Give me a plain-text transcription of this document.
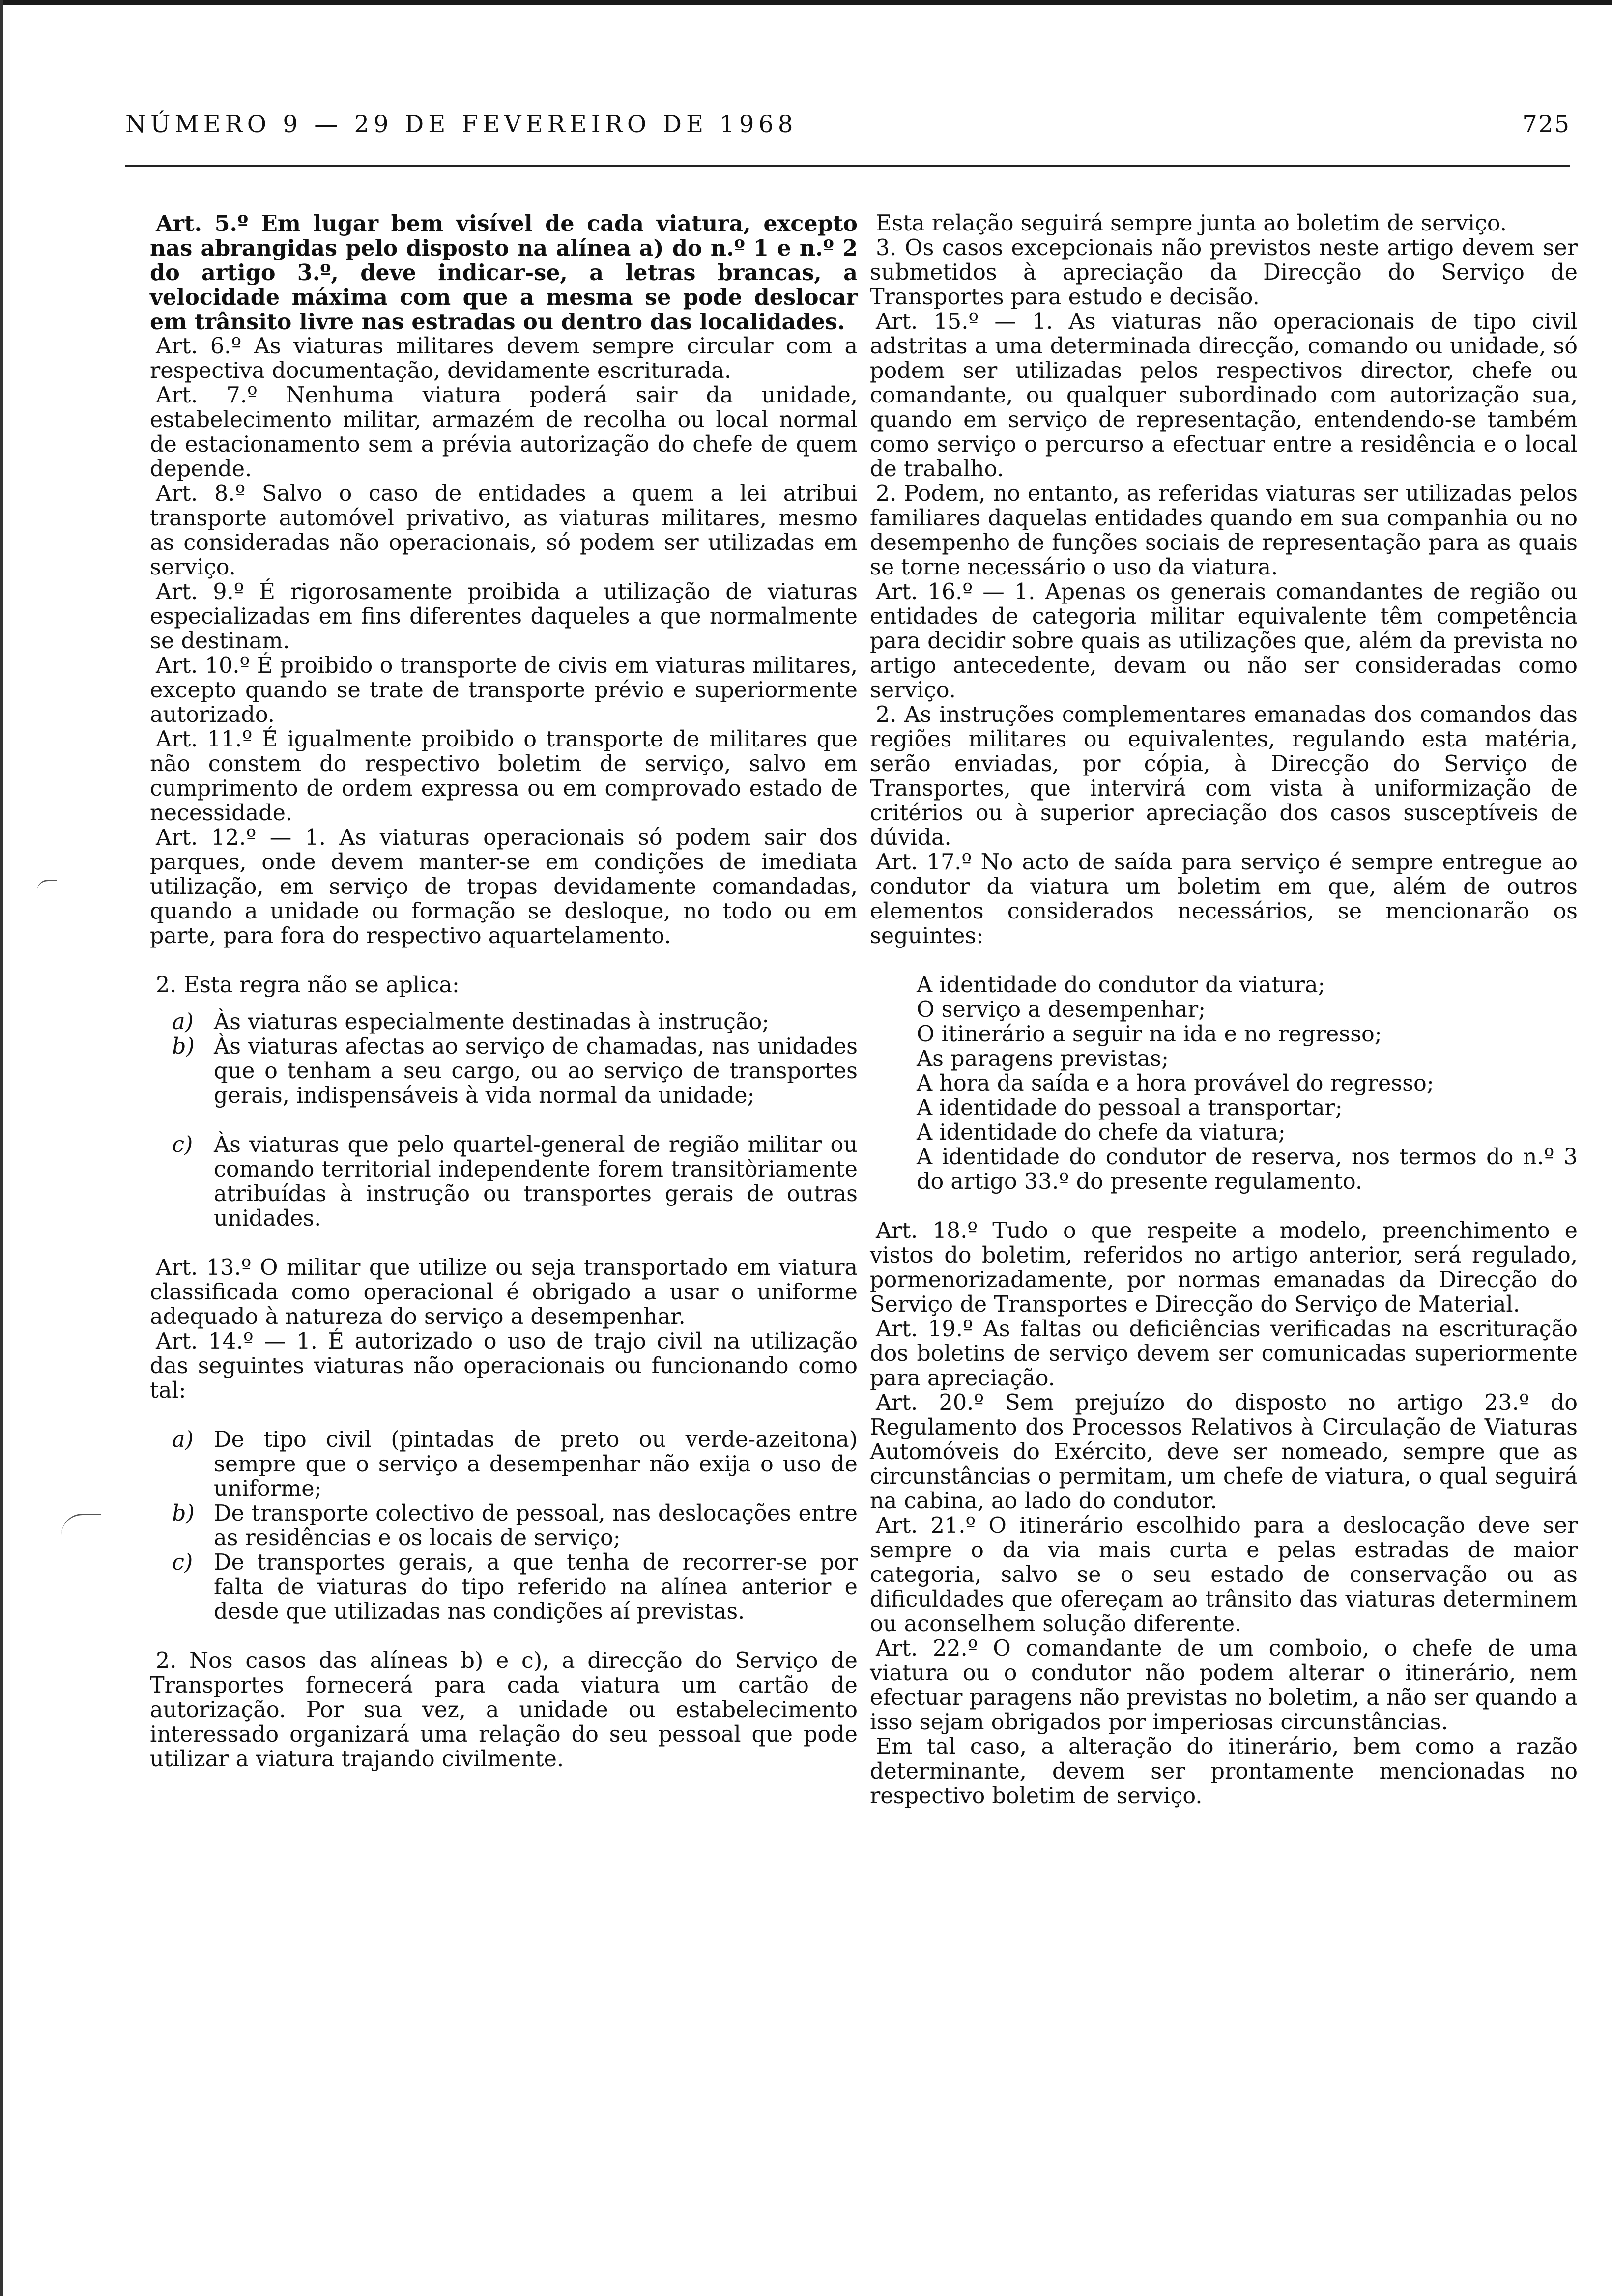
NÚMERO 9 — 29 DE FEVEREIRO DE 1968	725

Art. 5.º Em lugar bem visível de cada viatura, excepto nas abrangidas pelo disposto na alínea a) do n.º 1 e n.º 2 do artigo 3.º, deve indicar-se, a letras brancas, a velocidade máxima com que a mesma se pode deslocar em trânsito livre nas estradas ou dentro das localidades.

Art. 6.º As viaturas militares devem sempre circular com a respectiva documentação, devidamente escriturada.

Art. 7.º Nenhuma viatura poderá sair da unidade, estabelecimento militar, armazém de recolha ou local normal de estacionamento sem a prévia autorização do chefe de quem depende.

Art. 8.º Salvo o caso de entidades a quem a lei atribui transporte automóvel privativo, as viaturas militares, mesmo as consideradas não operacionais, só podem ser utilizadas em serviço.

Art. 9.º É rigorosamente proibida a utilização de viaturas especializadas em fins diferentes daqueles a que normalmente se destinam.

Art. 10.º É proibido o transporte de civis em viaturas militares, excepto quando se trate de transporte prévio e superiormente autorizado.

Art. 11.º É igualmente proibido o transporte de militares que não constem do respectivo boletim de serviço, salvo em cumprimento de ordem expressa ou em comprovado estado de necessidade.

Art. 12.º — 1. As viaturas operacionais só podem sair dos parques, onde devem manter-se em condições de imediata utilização, em serviço de tropas devidamente comandadas, quando a unidade ou formação se desloque, no todo ou em parte, para fora do respectivo aquartelamento.

2. Esta regra não se aplica:

a) Às viaturas especialmente destinadas à instrução;

b) Às viaturas afectas ao serviço de chamadas, nas unidades que o tenham a seu cargo, ou ao serviço de transportes gerais, indispensáveis à vida normal da unidade;

c) Às viaturas que pelo quartel-general de região militar ou comando territorial independente forem transitòriamente atribuídas à instrução ou transportes gerais de outras unidades.

Art. 13.º O militar que utilize ou seja transportado em viatura classificada como operacional é obrigado a usar o uniforme adequado à natureza do serviço a desempenhar.

Art. 14.º — 1. É autorizado o uso de trajo civil na utilização das seguintes viaturas não operacionais ou funcionando como tal:

a) De tipo civil (pintadas de preto ou verde-azeitona) sempre que o serviço a desempenhar não exija o uso de uniforme;

b) De transporte colectivo de pessoal, nas deslocações entre as residências e os locais de serviço;

c) De transportes gerais, a que tenha de recorrer-se por falta de viaturas do tipo referido na alínea anterior e desde que utilizadas nas condições aí previstas.

2. Nos casos das alíneas b) e c), a direcção do Serviço de Transportes fornecerá para cada viatura um cartão de autorização. Por sua vez, a unidade ou estabelecimento interessado organizará uma relação do seu pessoal que pode utilizar a viatura trajando civilmente.

Esta relação seguirá sempre junta ao boletim de serviço.

3. Os casos excepcionais não previstos neste artigo devem ser submetidos à apreciação da Direcção do Serviço de Transportes para estudo e decisão.

Art. 15.º — 1. As viaturas não operacionais de tipo civil adstritas a uma determinada direcção, comando ou unidade, só podem ser utilizadas pelos respectivos director, chefe ou comandante, ou qualquer subordinado com autorização sua, quando em serviço de representação, entendendo-se também como serviço o percurso a efectuar entre a residência e o local de trabalho.

2. Podem, no entanto, as referidas viaturas ser utilizadas pelos familiares daquelas entidades quando em sua companhia ou no desempenho de funções sociais de representação para as quais se torne necessário o uso da viatura.

Art. 16.º — 1. Apenas os generais comandantes de região ou entidades de categoria militar equivalente têm competência para decidir sobre quais as utilizações que, além da prevista no artigo antecedente, devam ou não ser consideradas como serviço.

2. As instruções complementares emanadas dos comandos das regiões militares ou equivalentes, regulando esta matéria, serão enviadas, por cópia, à Direcção do Serviço de Transportes, que intervirá com vista à uniformização de critérios ou à superior apreciação dos casos susceptíveis de dúvida.

Art. 17.º No acto de saída para serviço é sempre entregue ao condutor da viatura um boletim em que, além de outros elementos considerados necessários, se mencionarão os seguintes:

A identidade do condutor da viatura;

O serviço a desempenhar;

O itinerário a seguir na ida e no regresso;

As paragens previstas;

A hora da saída e a hora provável do regresso;

A identidade do pessoal a transportar;

A identidade do chefe da viatura;

A identidade do condutor de reserva, nos termos do n.º 3 do artigo 33.º do presente regulamento.

Art. 18.º Tudo o que respeite a modelo, preenchimento e vistos do boletim, referidos no artigo anterior, será regulado, pormenorizadamente, por normas emanadas da Direcção do Serviço de Transportes e Direcção do Serviço de Material.

Art. 19.º As faltas ou deficiências verificadas na escrituração dos boletins de serviço devem ser comunicadas superiormente para apreciação.

Art. 20.º Sem prejuízo do disposto no artigo 23.º do Regulamento dos Processos Relativos à Circulação de Viaturas Automóveis do Exército, deve ser nomeado, sempre que as circunstâncias o permitam, um chefe de viatura, o qual seguirá na cabina, ao lado do condutor.

Art. 21.º O itinerário escolhido para a deslocação deve ser sempre o da via mais curta e pelas estradas de maior categoria, salvo se o seu estado de conservação ou as dificuldades que ofereçam ao trânsito das viaturas determinem ou aconselhem solução diferente.

Art. 22.º O comandante de um comboio, o chefe de uma viatura ou o condutor não podem alterar o itinerário, nem efectuar paragens não previstas no boletim, a não ser quando a isso sejam obrigados por imperiosas circunstâncias.

Em tal caso, a alteração do itinerário, bem como a razão determinante, devem ser prontamente mencionadas no respectivo boletim de serviço.
